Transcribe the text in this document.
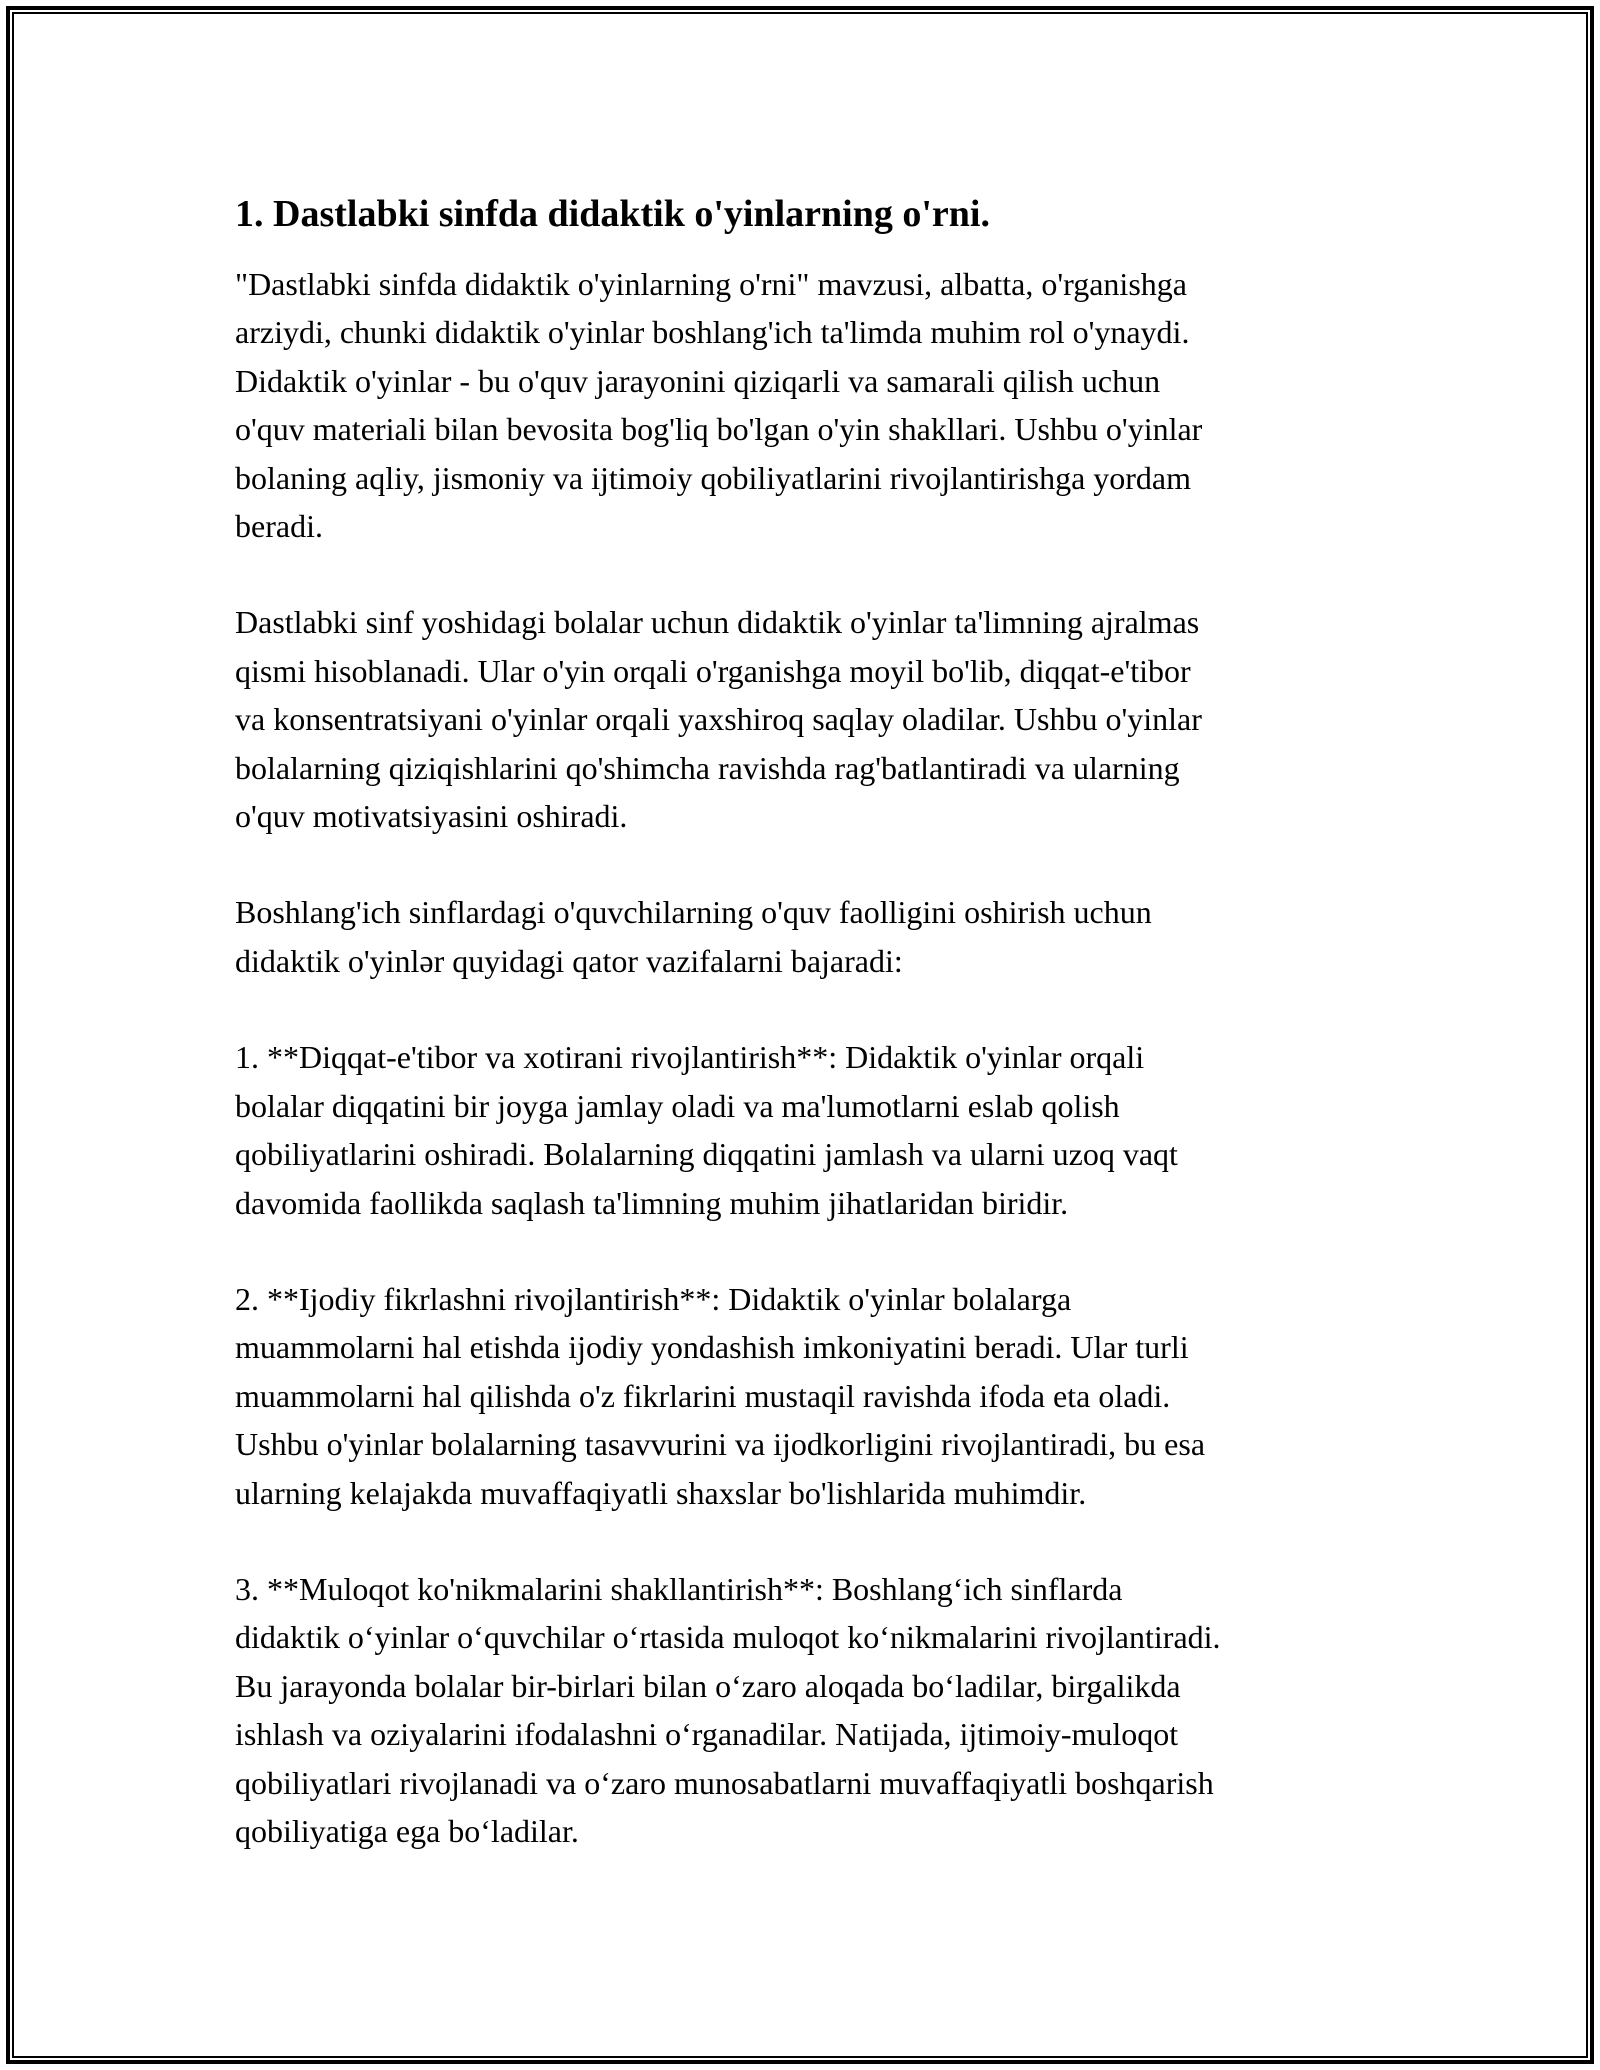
1. Dastlabki sinfda didaktik o'yinlarning o'rni.

"Dastlabki sinfda didaktik o'yinlarning o'rni" mavzusi, albatta, o'rganishga
arziydi, chunki didaktik o'yinlar boshlang'ich ta'limda muhim rol o'ynaydi.
Didaktik o'yinlar - bu o'quv jarayonini qiziqarli va samarali qilish uchun
o'quv materiali bilan bevosita bog'liq bo'lgan o'yin shakllari. Ushbu o'yinlar
bolaning aqliy, jismoniy va ijtimoiy qobiliyatlarini rivojlantirishga yordam
beradi.

Dastlabki sinf yoshidagi bolalar uchun didaktik o'yinlar ta'limning ajralmas
qismi hisoblanadi. Ular o'yin orqali o'rganishga moyil bo'lib, diqqat-e'tibor
va konsentratsiyani o'yinlar orqali yaxshiroq saqlay oladilar. Ushbu o'yinlar
bolalarning qiziqishlarini qo'shimcha ravishda rag'batlantiradi va ularning
o'quv motivatsiyasini oshiradi.

Boshlang'ich sinflardagi o'quvchilarning o'quv faolligini oshirish uchun
didaktik o'yinlər quyidagi qator vazifalarni bajaradi:

1. **Diqqat-e'tibor va xotirani rivojlantirish**: Didaktik o'yinlar orqali
bolalar diqqatini bir joyga jamlay oladi va ma'lumotlarni eslab qolish
qobiliyatlarini oshiradi. Bolalarning diqqatini jamlash va ularni uzoq vaqt
davomida faollikda saqlash ta'limning muhim jihatlaridan biridir.

2. **Ijodiy fikrlashni rivojlantirish**: Didaktik o'yinlar bolalarga
muammolarni hal etishda ijodiy yondashish imkoniyatini beradi. Ular turli
muammolarni hal qilishda o'z fikrlarini mustaqil ravishda ifoda eta oladi.
Ushbu o'yinlar bolalarning tasavvurini va ijodkorligini rivojlantiradi, bu esa
ularning kelajakda muvaffaqiyatli shaxslar bo'lishlarida muhimdir.

3. **Muloqot ko'nikmalarini shakllantirish**: Boshlang‘ich sinflarda
didaktik o‘yinlar o‘quvchilar o‘rtasida muloqot ko‘nikmalarini rivojlantiradi.
Bu jarayonda bolalar bir-birlari bilan o‘zaro aloqada bo‘ladilar, birgalikda
ishlash va oziyalarini ifodalashni o‘rganadilar. Natijada, ijtimoiy-muloqot
qobiliyatlari rivojlanadi va o‘zaro munosabatlarni muvaffaqiyatli boshqarish
qobiliyatiga ega bo‘ladilar.
